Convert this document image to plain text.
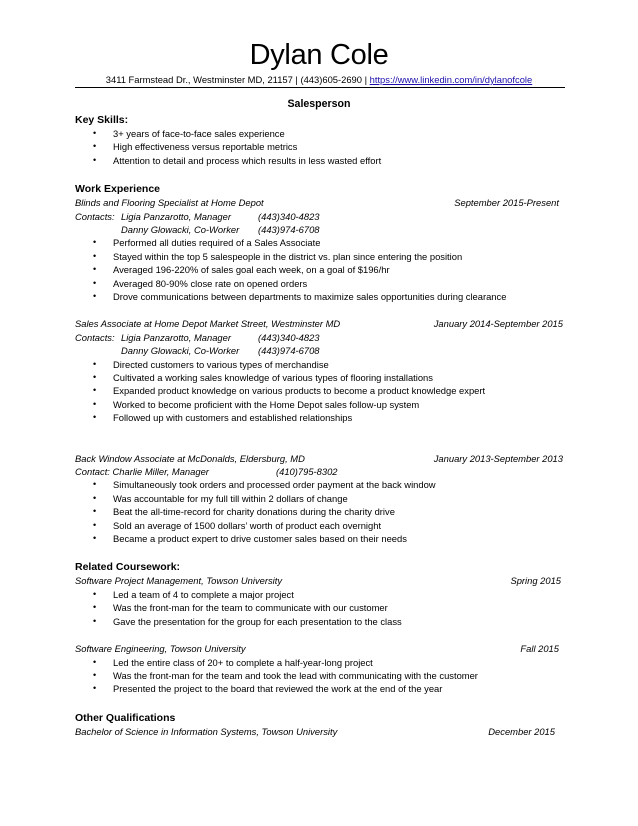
Dylan Cole
3411 Farmstead Dr., Westminster MD, 21157 | (443)605-2690 | https://www.linkedin.com/in/dylanofcole
Salesperson

Key Skills:

• 3+ years of face-to-face sales experience
• High effectiveness versus reportable metrics
• Attention to detail and process which results in less wasted effort

Work Experience

Blinds and Flooring Specialist at Home Depot	September 2015-Present
Contacts: Ligia Panzarotto, Manager	(443)340-4823
Danny Glowacki, Co-Worker (443)974-6708
• Performed all duties required of a Sales Associate
• Stayed within the top 5 salespeople in the district vs. plan since entering the position
• Averaged 196-220% of sales goal each week, on a goal of $196/hr
• Averaged 80-90% close rate on opened orders
• Drove communications between departments to maximize sales opportunities during clearance
Sales Associate at Home Depot Market Street, Westminster MD	January 2014-September 2015
Contacts: Ligia Panzarotto, Manager	(443)340-4823
Danny Glowacki, Co-Worker (443)974-6708
• Directed customers to various types of merchandise
• Cultivated a working sales knowledge of various types of flooring installations
• Expanded product knowledge on various products to become a product knowledge expert
• Worked to become proficient with the Home Depot sales follow-up system
• Followed up with customers and established relationships
Back Window Associate at McDonalds, Eldersburg, MD	January 2013-September 2013
Contact: Charlie Miller, Manager	(410)795-8302
• Simultaneously took orders and processed order payment at the back window
• Was accountable for my full till within 2 dollars of change
• Beat the all-time-record for charity donations during the charity drive
• Sold an average of 1500 dollars’ worth of product each overnight
• Became a product expert to drive customer sales based on their needs

Related Coursework:

Software Project Management, Towson University	Spring 2015
• Led a team of 4 to complete a major project
• Was the front-man for the team to communicate with our customer
• Gave the presentation for the group for each presentation to the class
Software Engineering, Towson University	Fall 2015
• Led the entire class of 20+ to complete a half-year-long project
• Was the front-man for the team and took the lead with communicating with the customer
• Presented the project to the board that reviewed the work at the end of the year

Other Qualifications

Bachelor of Science in Information Systems, Towson University	December 2015
